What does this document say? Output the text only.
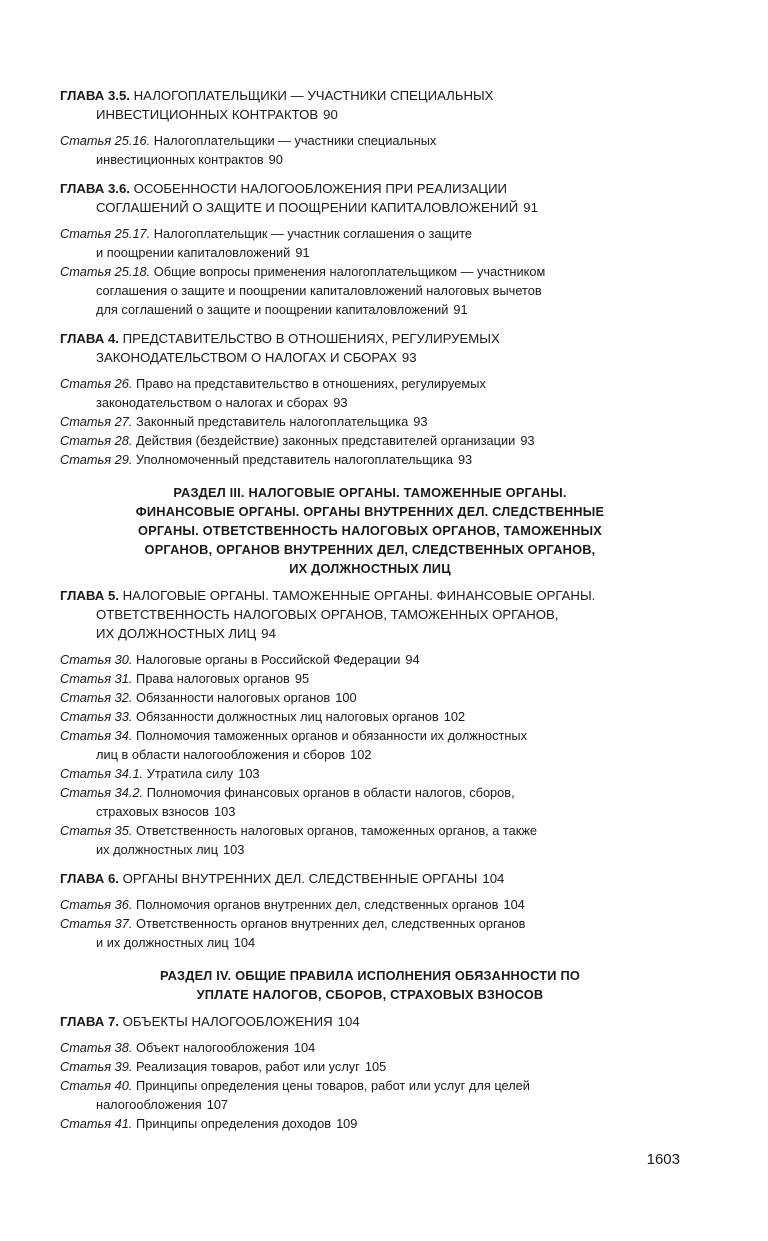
ГЛАВА 3.5. НАЛОГОПЛАТЕЛЬЩИКИ — УЧАСТНИКИ СПЕЦИАЛЬНЫХ
ИНВЕСТИЦИОННЫХ КОНТРАКТОВ 90
Статья 25.16. Налогоплательщики — участники специальных
инвестиционных контрактов 90
ГЛАВА 3.6. ОСОБЕННОСТИ НАЛОГООБЛОЖЕНИЯ ПРИ РЕАЛИЗАЦИИ
СОГЛАШЕНИЙ О ЗАЩИТЕ И ПООЩРЕНИИ КАПИТАЛОВЛОЖЕНИЙ 91
Статья 25.17. Налогоплательщик — участник соглашения о защите
и поощрении капиталовложений 91
Статья 25.18. Общие вопросы применения налогоплательщиком — участником
соглашения о защите и поощрении капиталовложений налоговых вычетов
для соглашений о защите и поощрении капиталовложений 91
ГЛАВА 4. ПРЕДСТАВИТЕЛЬСТВО В ОТНОШЕНИЯХ, РЕГУЛИРУЕМЫХ
ЗАКОНОДАТЕЛЬСТВОМ О НАЛОГАХ И СБОРАХ 93
Статья 26. Право на представительство в отношениях, регулируемых
законодательством о налогах и сборах 93
Статья 27. Законный представитель налогоплательщика 93
Статья 28. Действия (бездействие) законных представителей организации 93
Статья 29. Уполномоченный представитель налогоплательщика 93
РАЗДЕЛ III. НАЛОГОВЫЕ ОРГАНЫ. ТАМОЖЕННЫЕ ОРГАНЫ.
ФИНАНСОВЫЕ ОРГАНЫ. ОРГАНЫ ВНУТРЕННИХ ДЕЛ. СЛЕДСТВЕННЫЕ
ОРГАНЫ. ОТВЕТСТВЕННОСТЬ НАЛОГОВЫХ ОРГАНОВ, ТАМОЖЕННЫХ
ОРГАНОВ, ОРГАНОВ ВНУТРЕННИХ ДЕЛ, СЛЕДСТВЕННЫХ ОРГАНОВ,
ИХ ДОЛЖНОСТНЫХ ЛИЦ
ГЛАВА 5. НАЛОГОВЫЕ ОРГАНЫ. ТАМОЖЕННЫЕ ОРГАНЫ. ФИНАНСОВЫЕ ОРГАНЫ.
ОТВЕТСТВЕННОСТЬ НАЛОГОВЫХ ОРГАНОВ, ТАМОЖЕННЫХ ОРГАНОВ,
ИХ ДОЛЖНОСТНЫХ ЛИЦ 94
Статья 30. Налоговые органы в Российской Федерации 94
Статья 31. Права налоговых органов 95
Статья 32. Обязанности налоговых органов 100
Статья 33. Обязанности должностных лиц налоговых органов 102
Статья 34. Полномочия таможенных органов и обязанности их должностных
лиц в области налогообложения и сборов 102
Статья 34.1. Утратила силу 103
Статья 34.2. Полномочия финансовых органов в области налогов, сборов,
страховых взносов 103
Статья 35. Ответственность налоговых органов, таможенных органов, а также
их должностных лиц 103
ГЛАВА 6. ОРГАНЫ ВНУТРЕННИХ ДЕЛ. СЛЕДСТВЕННЫЕ ОРГАНЫ 104
Статья 36. Полномочия органов внутренних дел, следственных органов 104
Статья 37. Ответственность органов внутренних дел, следственных органов
и их должностных лиц 104
РАЗДЕЛ IV. ОБЩИЕ ПРАВИЛА ИСПОЛНЕНИЯ ОБЯЗАННОСТИ ПО
УПЛАТЕ НАЛОГОВ, СБОРОВ, СТРАХОВЫХ ВЗНОСОВ
ГЛАВА 7. ОБЪЕКТЫ НАЛОГООБЛОЖЕНИЯ 104
Статья 38. Объект налогообложения 104
Статья 39. Реализация товаров, работ или услуг 105
Статья 40. Принципы определения цены товаров, работ или услуг для целей
налогообложения 107
Статья 41. Принципы определения доходов 109
1603
